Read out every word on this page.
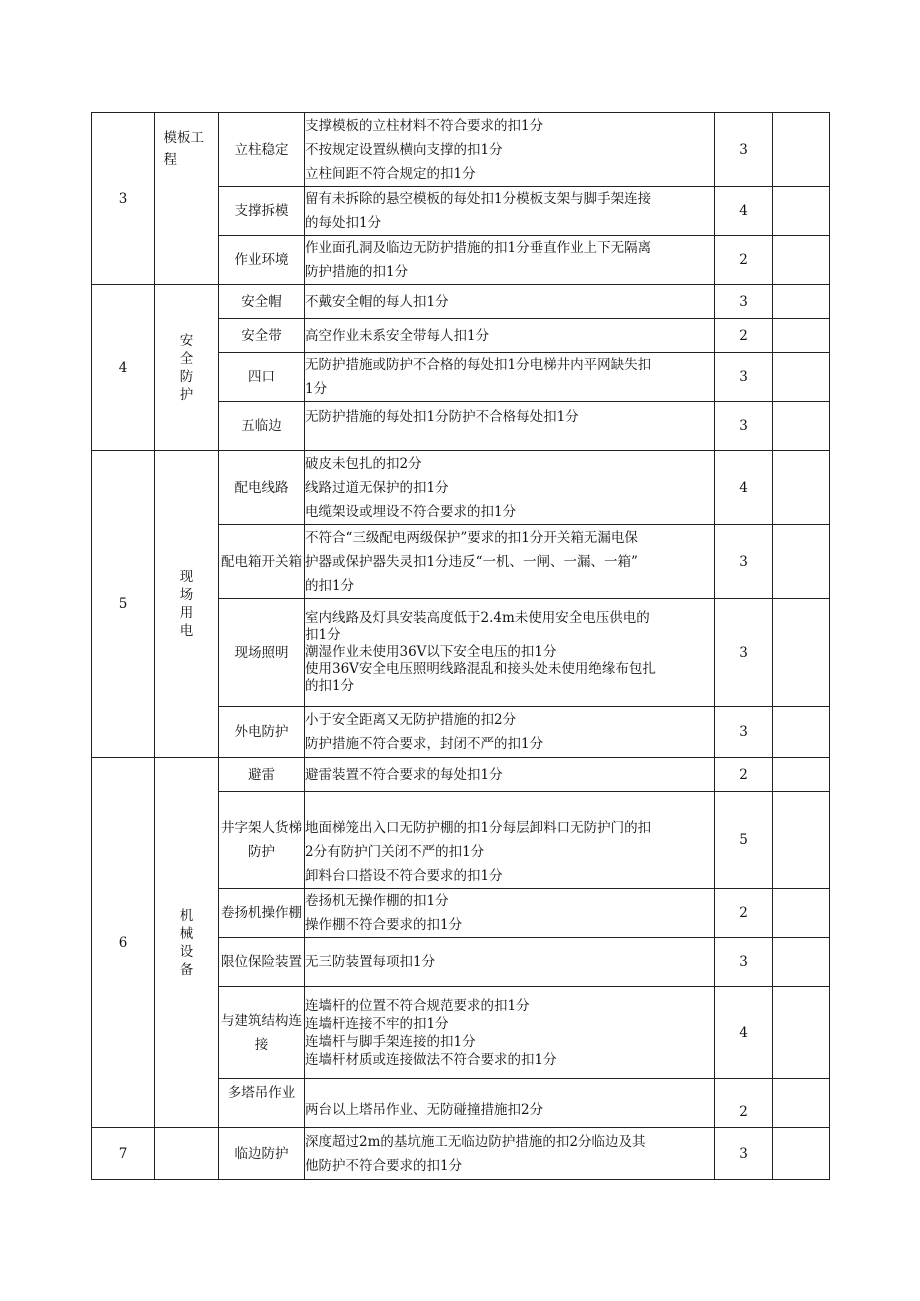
3	模板工程	立柱稳定	支撑模板的立柱材料不符合要求的扣1分
不按规定设置纵横向支撑的扣1分
立柱间距不符合规定的扣1分	3	
		支撑拆模	留有未拆除的悬空模板的每处扣1分模板支架与脚手架连接
的每处扣1分	4	
		作业环境	作业面孔洞及临边无防护措施的扣1分垂直作业上下无隔离
防护措施的扣1分	2	
4	安全防护	安全帽	不戴安全帽的每人扣1分	3	
		安全带	高空作业未系安全带每人扣1分	2	
		四口	无防护措施或防护不合格的每处扣1分电梯井内平网缺失扣
1分	3	
		五临边	无防护措施的每处扣1分防护不合格每处扣1分	3	
5	现场用电	配电线路	破皮未包扎的扣2分
线路过道无保护的扣1分
电缆架设或埋设不符合要求的扣1分	4	
		配电箱开关箱	不符合“三级配电两级保护”要求的扣1分开关箱无漏电保
护器或保护器失灵扣1分违反“一机、一闸、一漏、一箱”
的扣1分	3	
		现场照明	室内线路及灯具安装高度低于2.4m未使用安全电压供电的
扣1分
潮湿作业未使用36V以下安全电压的扣1分
使用36V安全电压照明线路混乱和接头处未使用绝缘布包扎
的扣1分	3	
		外电防护	小于安全距离又无防护措施的扣2分
防护措施不符合要求，封闭不严的扣1分	3	
6	机械设备	避雷	避雷装置不符合要求的每处扣1分	2	
		井字架人货梯防护	地面梯笼出入口无防护棚的扣1分每层卸料口无防护门的扣
2分有防护门关闭不严的扣1分
卸料台口搭设不符合要求的扣1分	5	
		卷扬机操作棚	卷扬机无操作棚的扣1分
操作棚不符合要求的扣1分	2	
		限位保险装置	无三防装置每项扣1分	3	
		与建筑结构连接	连墙杆的位置不符合规范要求的扣1分
连墙杆连接不牢的扣1分
连墙杆与脚手架连接的扣1分
连墙杆材质或连接做法不符合要求的扣1分	4	
		多塔吊作业	两台以上塔吊作业、无防碰撞措施扣2分	2	
7		临边防护	深度超过2m的基坑施工无临边防护措施的扣2分临边及其
他防护不符合要求的扣1分	3	
